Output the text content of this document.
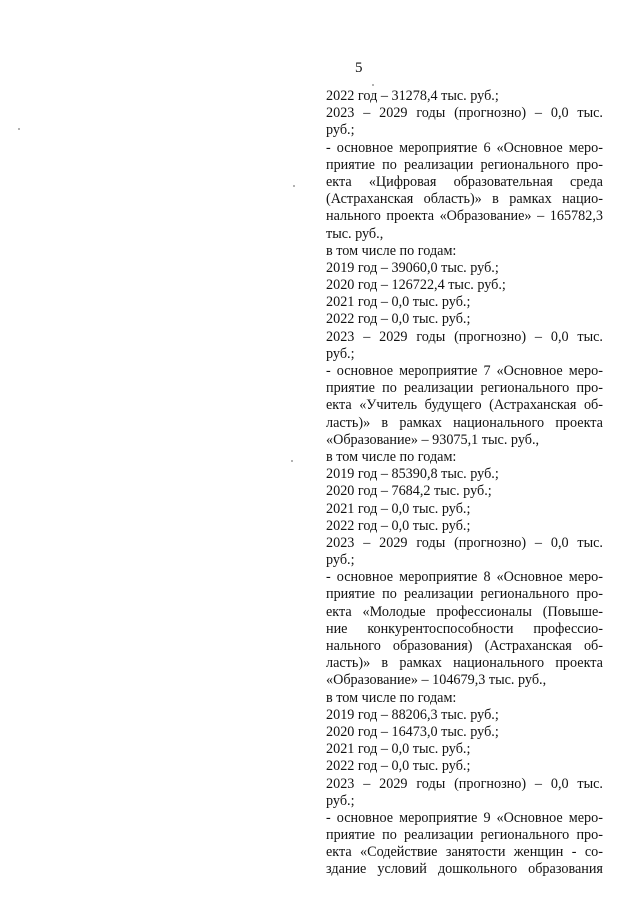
5
2022 год – 31278,4 тыс. руб.;
2023 – 2029 годы (прогнозно) – 0,0 тыс.
руб.;
- основное мероприятие 6 «Основное меро-
приятие по реализации регионального про-
екта «Цифровая образовательная среда
(Астраханская область)» в рамках нацио-
нального проекта «Образование» – 165782,3
тыс. руб.,
в том числе по годам:
2019 год – 39060,0 тыс. руб.;
2020 год – 126722,4 тыс. руб.;
2021 год – 0,0 тыс. руб.;
2022 год – 0,0 тыс. руб.;
2023 – 2029 годы (прогнозно) – 0,0 тыс.
руб.;
- основное мероприятие 7 «Основное меро-
приятие по реализации регионального про-
екта «Учитель будущего (Астраханская об-
ласть)» в рамках национального проекта
«Образование» – 93075,1 тыс. руб.,
в том числе по годам:
2019 год – 85390,8 тыс. руб.;
2020 год – 7684,2 тыс. руб.;
2021 год – 0,0 тыс. руб.;
2022 год – 0,0 тыс. руб.;
2023 – 2029 годы (прогнозно) – 0,0 тыс.
руб.;
- основное мероприятие 8 «Основное меро-
приятие по реализации регионального про-
екта «Молодые профессионалы (Повыше-
ние конкурентоспособности профессио-
нального образования) (Астраханская об-
ласть)» в рамках национального проекта
«Образование» – 104679,3 тыс. руб.,
в том числе по годам:
2019 год – 88206,3 тыс. руб.;
2020 год – 16473,0 тыс. руб.;
2021 год – 0,0 тыс. руб.;
2022 год – 0,0 тыс. руб.;
2023 – 2029 годы (прогнозно) – 0,0 тыс.
руб.;
- основное мероприятие 9 «Основное меро-
приятие по реализации регионального про-
екта «Содействие занятости женщин - со-
здание условий дошкольного образования
